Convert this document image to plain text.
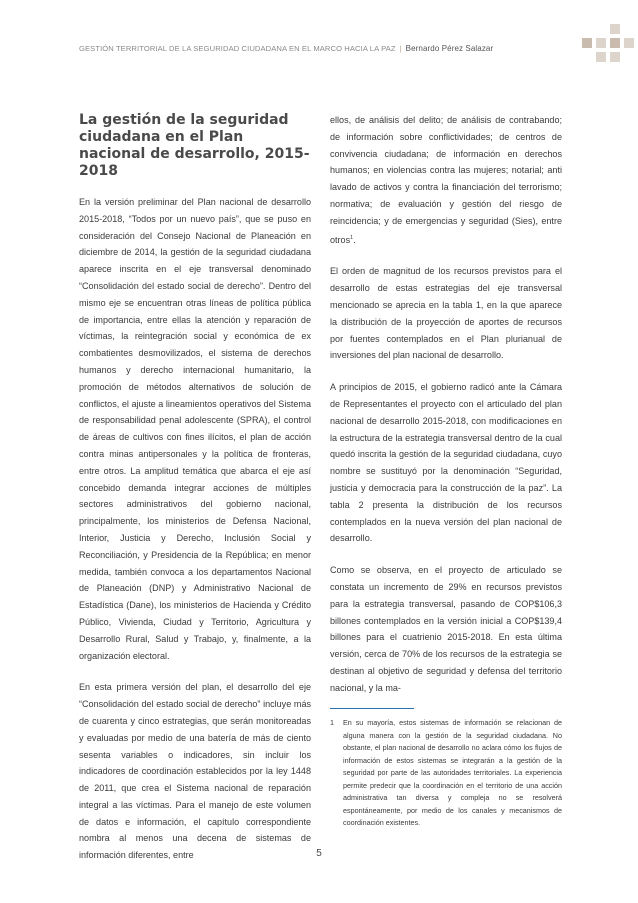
GESTIÓN TERRITORIAL DE LA SEGURIDAD CIUDADANA EN EL MARCO HACIA LA PAZ | Bernardo Pérez Salazar
La gestión de la seguridad ciudadana en el Plan nacional de desarrollo, 2015-2018

En la versión preliminar del Plan nacional de desarrollo 2015-2018, “Todos por un nuevo país”, que se puso en consideración del Consejo Nacional de Planeación en diciembre de 2014, la gestión de la seguridad ciudadana aparece inscrita en el eje transversal denominado “Consolidación del estado social de derecho”. Dentro del mismo eje se encuentran otras líneas de política pública de importancia, entre ellas la atención y reparación de víctimas, la reintegración social y económica de ex combatientes desmovilizados, el sistema de derechos humanos y derecho internacional humanitario, la promoción de métodos alternativos de solución de conflictos, el ajuste a lineamientos operativos del Sistema de responsabilidad penal adolescente (SPRA), el control de áreas de cultivos con fines ilícitos, el plan de acción contra minas antipersonales y la política de fronteras, entre otros. La amplitud temática que abarca el eje así concebido demanda integrar acciones de múltiples sectores administrativos del gobierno nacional, principalmente, los ministerios de Defensa Nacional, Interior, Justicia y Derecho, Inclusión Social y Reconciliación, y Presidencia de la República; en menor medida, también convoca a los departamentos Nacional de Planeación (DNP) y Administrativo Nacional de Estadística (Dane), los ministerios de Hacienda y Crédito Público, Vivienda, Ciudad y Territorio, Agricultura y Desarrollo Rural, Salud y Trabajo, y, finalmente, a la organización electoral.

En esta primera versión del plan, el desarrollo del eje “Consolidación del estado social de derecho” incluye más de cuarenta y cinco estrategias, que serán monitoreadas y evaluadas por medio de una batería de más de ciento sesenta variables o indicadores, sin incluir los indicadores de coordinación establecidos por la ley 1448 de 2011, que crea el Sistema nacional de reparación integral a las víctimas. Para el manejo de este volumen de datos e información, el capítulo correspondiente nombra al menos una decena de sistemas de información diferentes, entre

ellos, de análisis del delito; de análisis de contrabando; de información sobre conflictividades; de centros de convivencia ciudadana; de información en derechos humanos; en violencias contra las mujeres; notarial; anti lavado de activos y contra la financiación del terrorismo; normativa; de evaluación y gestión del riesgo de reincidencia; y de emergencias y seguridad (Sies), entre otros$^1$.

El orden de magnitud de los recursos previstos para el desarrollo de estas estrategias del eje transversal mencionado se aprecia en la tabla 1, en la que aparece la distribución de la proyección de aportes de recursos por fuentes contemplados en el Plan plurianual de inversiones del plan nacional de desarrollo.

A principios de 2015, el gobierno radicó ante la Cámara de Representantes el proyecto con el articulado del plan nacional de desarrollo 2015-2018, con modificaciones en la estructura de la estrategia transversal dentro de la cual quedó inscrita la gestión de la seguridad ciudadana, cuyo nombre se sustituyó por la denominación “Seguridad, justicia y democracia para la construcción de la paz”. La tabla 2 presenta la distribución de los recursos contemplados en la nueva versión del plan nacional de desarrollo.

Como se observa, en el proyecto de articulado se constata un incremento de 29% en recursos previstos para la estrategia transversal, pasando de COP$106,3 billones contemplados en la versión inicial a COP$139,4 billones para el cuatrienio 2015-2018. En esta última versión, cerca de 70% de los recursos de la estrategia se destinan al objetivo de seguridad y defensa del territorio nacional, y la ma-

1 En su mayoría, estos sistemas de información se relacionan de alguna manera con la gestión de la seguridad ciudadana. No obstante, el plan nacional de desarrollo no aclara cómo los flujos de información de estos sistemas se integrarán a la gestión de la seguridad por parte de las autoridades territoriales. La experiencia permite predecir que la coordinación en el territorio de una acción administrativa tan diversa y compleja no se resolverá espontáneamente, por medio de los canales y mecanismos de coordinación existentes.

5
